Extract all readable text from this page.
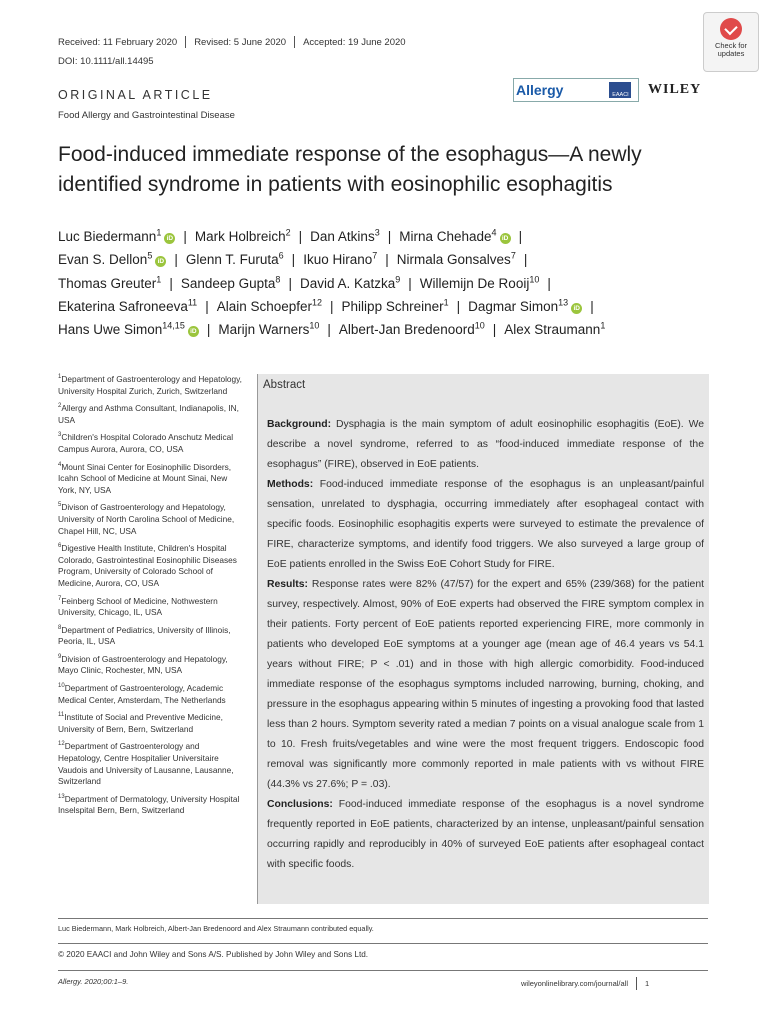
Received: 11 February 2020 Revised: 5 June 2020 Accepted: 19 June 2020
DOI: 10.1111/all.14495
Check for
updates
ORIGINAL ARTICLE
Food Allergy and Gastrointestinal Disease
Allergy	EAACI WILEY
Food-induced immediate response of the esophagus—A newly identified syndrome in patients with eosinophilic esophagitis
Luc Biedermann$^1$iD | Mark Holbreich$^2$ | Dan Atkins$^3$ | Mirna Chehade$^4$iD |
Evan S. Dellon$^5$iD | Glenn T. Furuta$^6$ | Ikuo Hirano$^7$ | Nirmala Gonsalves$^7$ |
Thomas Greuter$^1$ | Sandeep Gupta$^8$ | David A. Katzka$^9$ | Willemijn De Rooij$^{10}$ |
Ekaterina Safroneeva$^{11}$ | Alain Schoepfer$^{12}$ | Philipp Schreiner$^1$ | Dagmar Simon$^{13}$iD |
Hans Uwe Simon$^{14,15}$iD | Marijn Warners$^{10}$ | Albert-Jan Bredenoord$^{10}$ | Alex Straumann$^1$

$^1$Department of Gastroenterology and Hepatology, University Hospital Zurich, Zurich, Switzerland

$^2$Allergy and Asthma Consultant, Indianapolis, IN, USA

$^3$Children's Hospital Colorado Anschutz Medical Campus Aurora, Aurora, CO, USA

$^4$Mount Sinai Center for Eosinophilic Disorders, Icahn School of Medicine at Mount Sinai, New York, NY, USA

$^5$Divison of Gastroenterology and Hepatology, University of North Carolina School of Medicine, Chapel Hill, NC, USA

$^6$Digestive Health Institute, Children's Hospital Colorado, Gastrointestinal Eosinophilic Diseases Program, University of Colorado School of Medicine, Aurora, CO, USA

$^7$Feinberg School of Medicine, Nothwestern University, Chicago, IL, USA

$^8$Department of Pediatrics, University of Illinois, Peoria, IL, USA

$^9$Division of Gastroenterology and Hepatology, Mayo Clinic, Rochester, MN, USA

$^{10}$Department of Gastroenterology, Academic Medical Center, Amsterdam, The Netherlands

$^{11}$Institute of Social and Preventive Medicine, University of Bern, Bern, Switzerland

$^{12}$Department of Gastroenterology and Hepatology, Centre Hospitalier Universitaire Vaudois and University of Lausanne, Lausanne, Switzerland

$^{13}$Department of Dermatology, University Hospital Inselspital Bern, Bern, Switzerland

Abstract

Background: Dysphagia is the main symptom of adult eosinophilic esophagitis (EoE). We describe a novel syndrome, referred to as “food-induced immediate response of the esophagus” (FIRE), observed in EoE patients.

Methods: Food-induced immediate response of the esophagus is an unpleasant/painful sensation, unrelated to dysphagia, occurring immediately after esophageal contact with specific foods. Eosinophilic esophagitis experts were surveyed to estimate the prevalence of FIRE, characterize symptoms, and identify food triggers. We also surveyed a large group of EoE patients enrolled in the Swiss EoE Cohort Study for FIRE.

Results: Response rates were 82% (47/57) for the expert and 65% (239/368) for the patient survey, respectively. Almost, 90% of EoE experts had observed the FIRE symptom complex in their patients. Forty percent of EoE patients reported experiencing FIRE, more commonly in patients who developed EoE symptoms at a younger age (mean age of 46.4 years vs 54.1 years without FIRE; P < .01) and in those with high allergic comorbidity. Food-induced immediate response of the esophagus symptoms included narrowing, burning, choking, and pressure in the esophagus appearing within 5 minutes of ingesting a provoking food that lasted less than 2 hours. Symptom severity rated a median 7 points on a visual analogue scale from 1 to 10. Fresh fruits/vegetables and wine were the most frequent triggers. Endoscopic food removal was significantly more commonly reported in male patients with vs without FIRE (44.3% vs 27.6%; P = .03).

Conclusions: Food-induced immediate response of the esophagus is a novel syndrome frequently reported in EoE patients, characterized by an intense, unpleasant/painful sensation occurring rapidly and reproducibly in 40% of surveyed EoE patients after esophageal contact with specific foods.

Luc Biedermann, Mark Holbreich, Albert-Jan Bredenoord and Alex Straumann contributed equally.
© 2020 EAACI and John Wiley and Sons A/S. Published by John Wiley and Sons Ltd.
Allergy. 2020;00:1–9.	wileyonlinelibrary.com/journal/all 1
